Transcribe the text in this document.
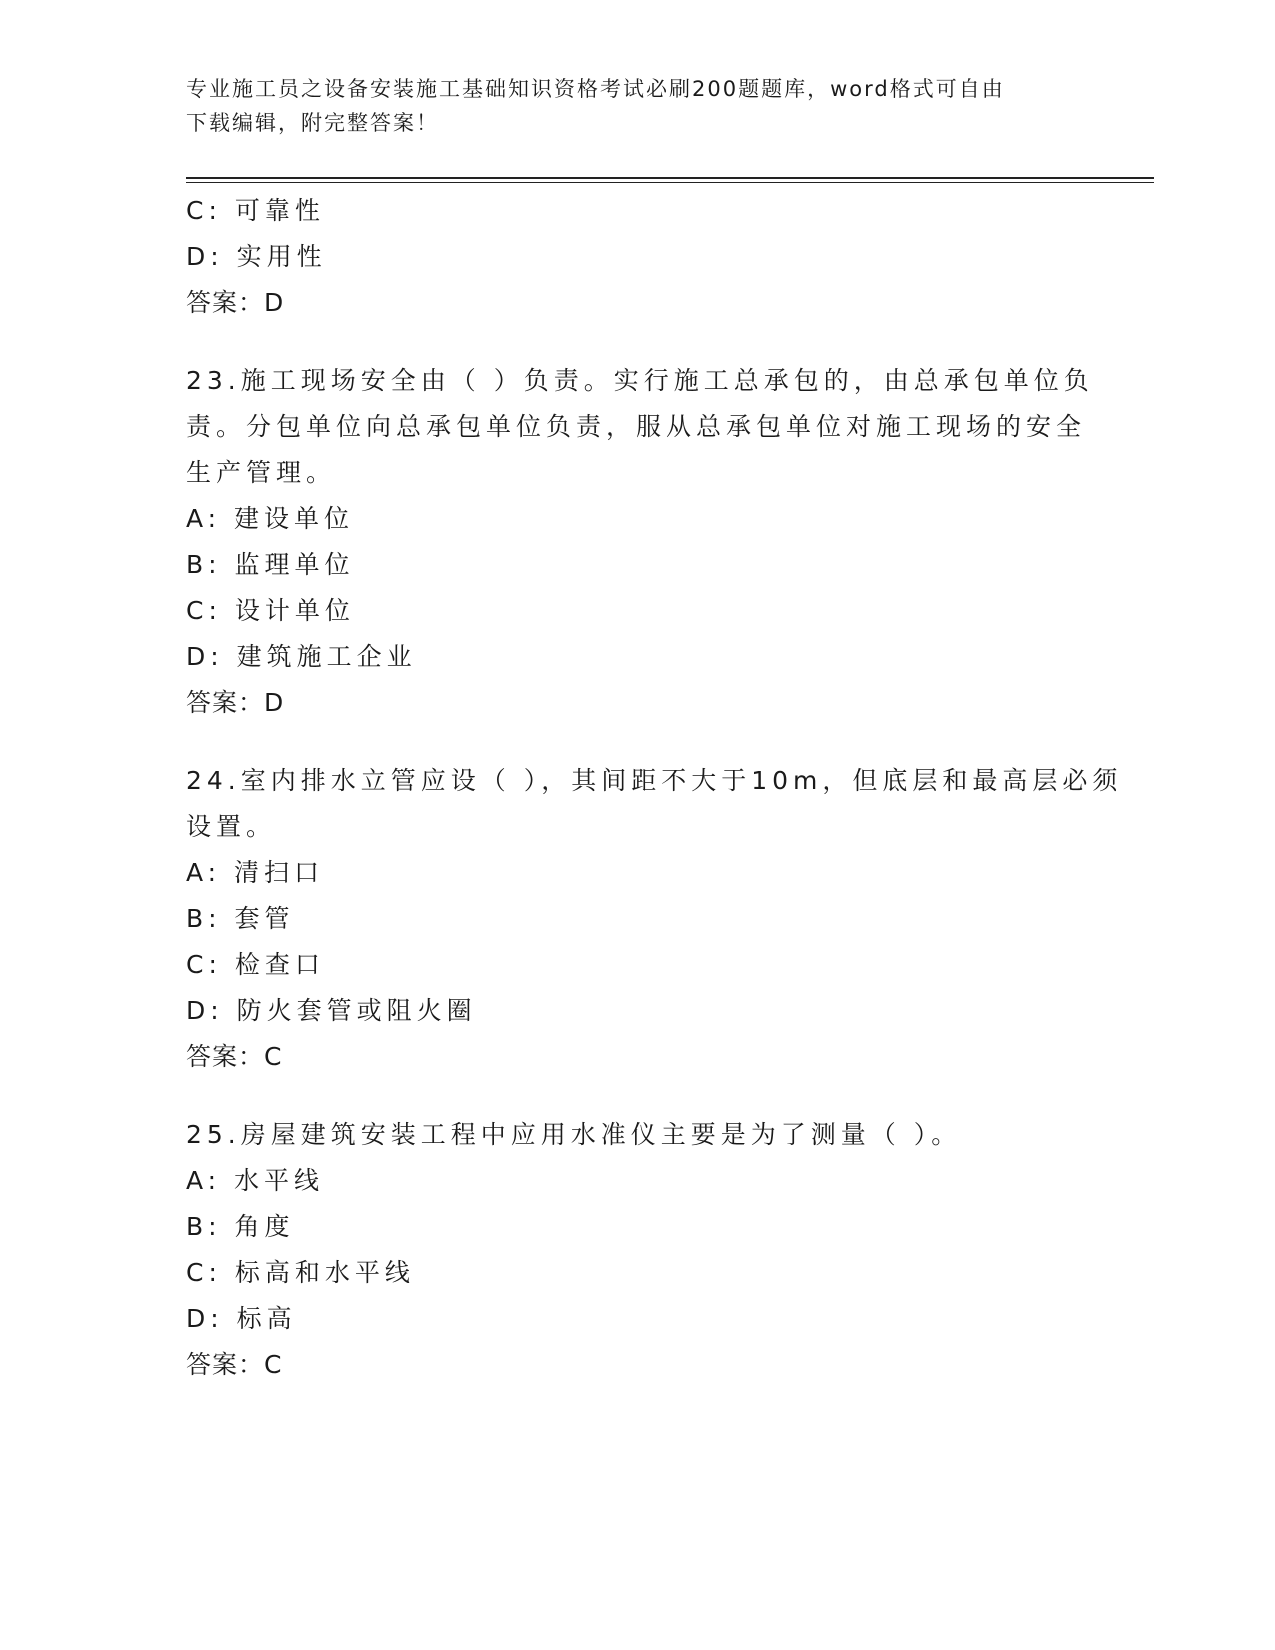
专业施工员之设备安装施工基础知识资格考试必刷200题题库，word格式可自由
下载编辑，附完整答案！
C: 可靠性
D: 实用性
答案：D
23.施工现场安全由（ ）负责。实行施工总承包的，由总承包单位负
责。分包单位向总承包单位负责，服从总承包单位对施工现场的安全
生产管理。
A: 建设单位
B: 监理单位
C: 设计单位
D: 建筑施工企业
答案：D
24.室内排水立管应设（ ），其间距不大于10m，但底层和最高层必须
设置。
A: 清扫口
B: 套管
C: 检查口
D: 防火套管或阻火圈
答案：C
25.房屋建筑安装工程中应用水准仪主要是为了测量（ ）。
A: 水平线
B: 角度
C: 标高和水平线
D: 标高
答案：C
